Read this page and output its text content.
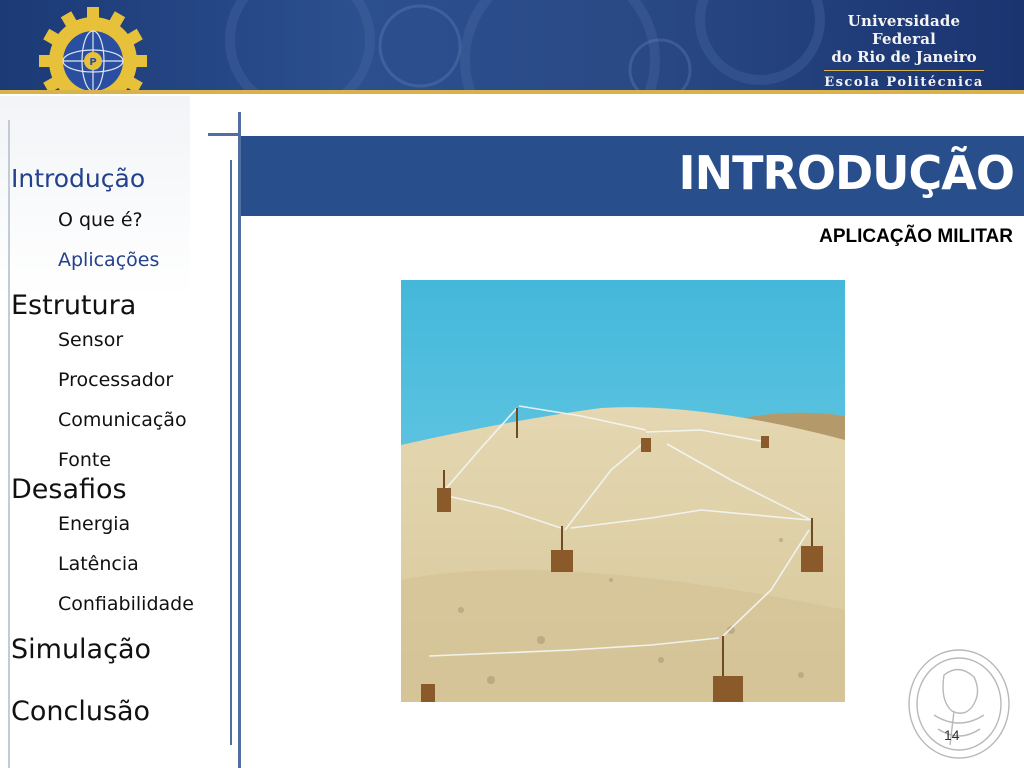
P
Universidade Federal
do Rio de Janeiro
Escola Politécnica
Introdução
O que é?
Aplicações
Estrutura
Sensor
Processador
Comunicação
Fonte
Desafios
Energia
Latência
Confiabilidade
Simulação
Conclusão
INTRODUÇÃO
APLICAÇÃO MILITAR
14
